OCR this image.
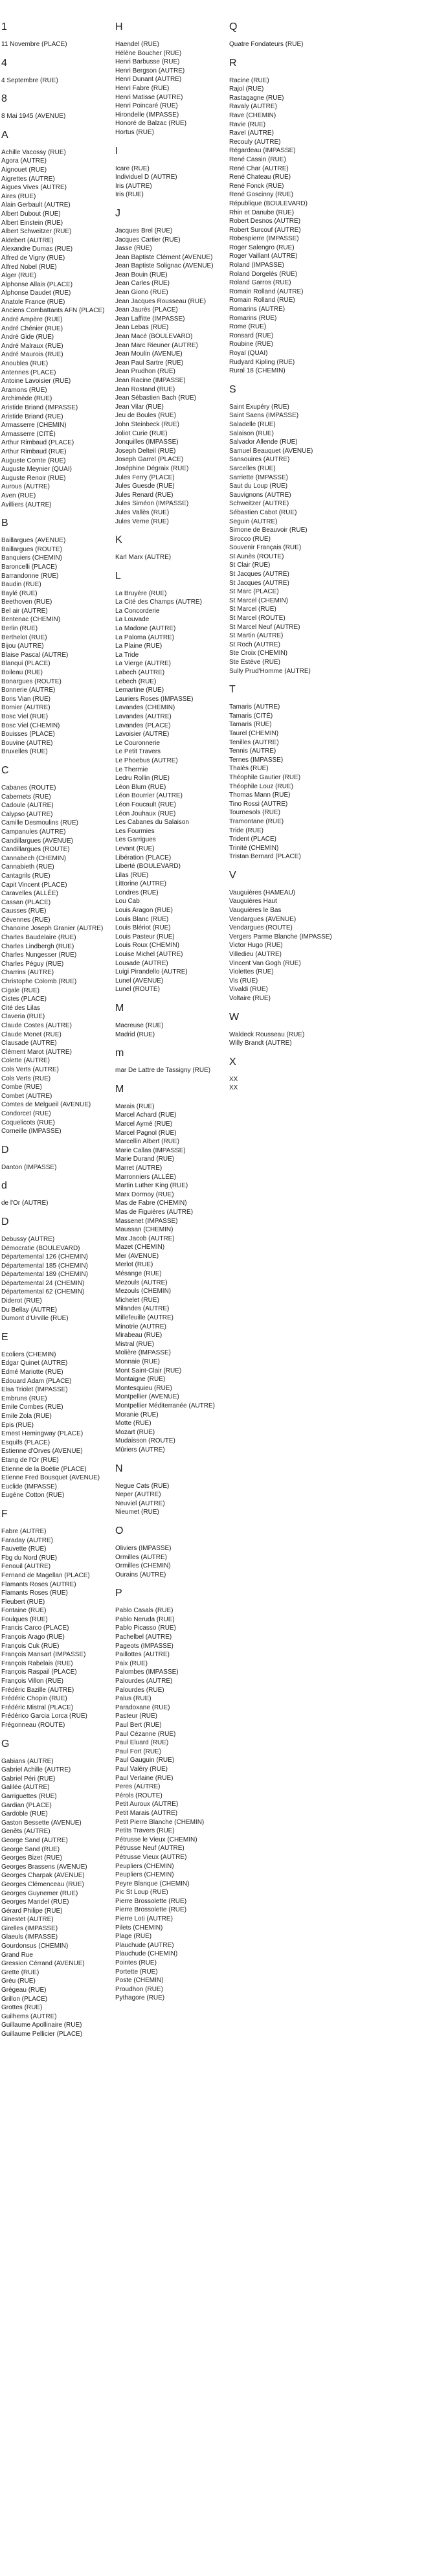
1
11 Novembre (PLACE)
4
4 Septembre (RUE)
8
8 Mai 1945 (AVENUE)
A
Achille Vacossy (RUE)
Agora (AUTRE)
Aignouet (RUE)
Aigrettes (AUTRE)
Aigues Vives (AUTRE)
Aires (RUE)
Alain Gerbault (AUTRE)
Albert Dubout (RUE)
Albert Einstein (RUE)
Albert Schweitzer (RUE)
Aldebert (AUTRE)
Alexandre Dumas (RUE)
Alfred de Vigny (RUE)
Alfred Nobel (RUE)
Alger (RUE)
Alphonse Allais (PLACE)
Alphonse Daudet (RUE)
Anatole France (RUE)
Anciens Combattants AFN (PLACE)
André Ampère (RUE)
André Chénier (RUE)
André Gide (RUE)
André Malraux (RUE)
André Maurois (RUE)
Anoubles (RUE)
Antennes (PLACE)
Antoine Lavoisier (RUE)
Aramons (RUE)
Archimède (RUE)
Aristide Briand (IMPASSE)
Aristide Briand (RUE)
Armasserre (CHEMIN)
Armasserre (CITÉ)
Arthur Rimbaud (PLACE)
Arthur Rimbaud (RUE)
Auguste Comte (RUE)
Auguste Meynier (QUAI)
Auguste Renoir (RUE)
Aurous (AUTRE)
Aven (RUE)
Avilliers (AUTRE)
B
Baillargues (AVENUE)
Baillargues (ROUTE)
Banquiers (CHEMIN)
Baroncelli (PLACE)
Barrandonne (RUE)
Baudin (RUE)
Baylé (RUE)
Beethoven (RUE)
Bel air (AUTRE)
Bentenac (CHEMIN)
Berlin (RUE)
Berthelot (RUE)
Bijou (AUTRE)
Blaise Pascal (AUTRE)
Blanqui (PLACE)
Boileau (RUE)
Bonargues (ROUTE)
Bonnerie (AUTRE)
Boris Vian (RUE)
Bornier (AUTRE)
Bosc Viel (RUE)
Bosc Viel (CHEMIN)
Bouisses (PLACE)
Bouvine (AUTRE)
Bruxelles (RUE)
C
Cabanes (ROUTE)
Cabernets (RUE)
Cadoule (AUTRE)
Calypso (AUTRE)
Camille Desmoulins (RUE)
Campanules (AUTRE)
Candillargues (AVENUE)
Candillargues (ROUTE)
Cannabech (CHEMIN)
Cannabieth (RUE)
Cantagrils (RUE)
Capit Vincent (PLACE)
Caravelles (ALLÉE)
Cassan (PLACE)
Causses (RUE)
Cévennes (RUE)
Chanoine Joseph Granier (AUTRE)
Charles Baudelaire (RUE)
Charles Lindbergh (RUE)
Charles Nungesser (RUE)
Charles Péguy (RUE)
Charrins (AUTRE)
Christophe Colomb (RUE)
Cigale (RUE)
Cistes (PLACE)
Cité des Lilas
Claveria (RUE)
Claude Costes (AUTRE)
Claude Monet (RUE)
Clausade (AUTRE)
Clément Marot (AUTRE)
Colette (AUTRE)
Cols Verts (AUTRE)
Cols Verts (RUE)
Combe (RUE)
Combet (AUTRE)
Comtes de Melgueil (AVENUE)
Condorcet (RUE)
Coquelicots (RUE)
Corneille (IMPASSE)
D
Danton (IMPASSE)
d
de l'Or (AUTRE)
D
Debussy (AUTRE)
Démocratie (BOULEVARD)
Départemental 126 (CHEMIN)
Départemental 185 (CHEMIN)
Départemental 189 (CHEMIN)
Départemental 24 (CHEMIN)
Départemental 62 (CHEMIN)
Diderot (RUE)
Du Bellay (AUTRE)
Dumont d'Urville (RUE)
E
Ecoliers (CHEMIN)
Edgar Quinet (AUTRE)
Edmé Mariotte (RUE)
Edouard Adam (PLACE)
Elsa Triolet (IMPASSE)
Embruns (RUE)
Emile Combes (RUE)
Emile Zola (RUE)
Epis (RUE)
Ernest Hemingway (PLACE)
Esquifs (PLACE)
Estienne d'Orves (AVENUE)
Etang de l'Or (RUE)
Etienne de la Boétie (PLACE)
Etienne Fred Bousquet (AVENUE)
Euclide (IMPASSE)
Eugène Cotton (RUE)
F
Fabre (AUTRE)
Faraday (AUTRE)
Fauvette (RUE)
Fbg du Nord (RUE)
Fenouil (AUTRE)
Fernand de Magellan (PLACE)
Flamants Roses (AUTRE)
Flamants Roses (RUE)
Fleubert (RUE)
Fontaine (RUE)
Foulques (RUE)
Francis Carco (PLACE)
François Arago (RUE)
François Cuk (RUE)
François Mansart (IMPASSE)
François Rabelais (RUE)
François Raspail (PLACE)
François Villon (RUE)
Frédéric Bazille (AUTRE)
Frédéric Chopin (RUE)
Frédéric Mistral (PLACE)
Frédérico Garcia Lorca (RUE)
Frégonneau (ROUTE)
G
Gabians (AUTRE)
Gabriel Achille (AUTRE)
Gabriel Péri (RUE)
Galilée (AUTRE)
Garriguettes (RUE)
Gardian (PLACE)
Gardoble (RUE)
Gaston Bessette (AVENUE)
Genêts (AUTRE)
George Sand (AUTRE)
George Sand (RUE)
Georges Bizet (RUE)
Georges Brassens (AVENUE)
Georges Charpak (AVENUE)
Georges Clémenceau (RUE)
Georges Guynemer (RUE)
Georges Mandel (RUE)
Gérard Philipe (RUE)
Ginestet (AUTRE)
Girelles (IMPASSE)
Glaeuls (IMPASSE)
Gourdonsus (CHEMIN)
Grand Rue
Gression Cérrand (AVENUE)
Grette (RUE)
Grèu (RUE)
Grégeau (RUE)
Grillon (PLACE)
Grottes (RUE)
Guilhems (AUTRE)
Guillaume Apollinaire (RUE)
Guillaume Pellicier (PLACE)
H
Haendel (RUE)
Hélène Boucher (RUE)
Henri Barbusse (RUE)
Henri Bergson (AUTRE)
Henri Dunant (AUTRE)
Henri Fabre (RUE)
Henri Matisse (AUTRE)
Henri Poincaré (RUE)
Hirondelle (IMPASSE)
Honoré de Balzac (RUE)
Hortus (RUE)
I
Icare (RUE)
Individuel D (AUTRE)
Iris (AUTRE)
Iris (RUE)
J
Jacques Brel (RUE)
Jacques Cartier (RUE)
Jasse (RUE)
Jean Baptiste Clément (AVENUE)
Jean Baptiste Solignac (AVENUE)
Jean Bouin (RUE)
Jean Carles (RUE)
Jean Giono (RUE)
Jean Jacques Rousseau (RUE)
Jean Jaurès (PLACE)
Jean Laffitte (IMPASSE)
Jean Lebas (RUE)
Jean Macé (BOULEVARD)
Jean Marc Rieuner (AUTRE)
Jean Moulin (AVENUE)
Jean Paul Sartre (RUE)
Jean Prudhon (RUE)
Jean Racine (IMPASSE)
Jean Rostand (RUE)
Jean Sébastien Bach (RUE)
Jean Vilar (RUE)
Jeu de Boules (RUE)
John Steinbeck (RUE)
Joliot Curie (RUE)
Jonquilles (IMPASSE)
Joseph Delteil (RUE)
Joseph Garrel (PLACE)
Joséphine Dégraix (RUE)
Jules Ferry (PLACE)
Jules Guesde (RUE)
Jules Renard (RUE)
Jules Siméon (IMPASSE)
Jules Vallès (RUE)
Jules Verne (RUE)
K
Karl Marx (AUTRE)
L
La Bruyère (RUE)
La Cité des Champs (AUTRE)
La Concorderie
La Louvade
La Madone (AUTRE)
La Paloma (AUTRE)
La Plaine (RUE)
La Tride
La Vierge (AUTRE)
Labech (AUTRE)
Lebech (RUE)
Lemartine (RUE)
Lauriers Roses (IMPASSE)
Lavandes (CHEMIN)
Lavandes (AUTRE)
Lavandes (PLACE)
Lavoisier (AUTRE)
Le Couronnerie
Le Petit Travers
Le Phoebus (AUTRE)
Le Thermie
Ledru Rollin (RUE)
Léon Blum (RUE)
Léon Bourrier (AUTRE)
Léon Foucault (RUE)
Léon Jouhaux (RUE)
Les Cabanes du Salaison
Les Fourmies
Les Garrigues
Levant (RUE)
Libération (PLACE)
Liberté (BOULEVARD)
Lilas (RUE)
Littorine (AUTRE)
Londres (RUE)
Lou Cab
Louis Aragon (RUE)
Louis Blanc (RUE)
Louis Blériot (RUE)
Louis Pasteur (RUE)
Louis Roux (CHEMIN)
Louise Michel (AUTRE)
Lousade (AUTRE)
Luigi Pirandello (AUTRE)
Lunel (AVENUE)
Lunel (ROUTE)
M
Macreuse (RUE)
Madrid (RUE)
m
mar De Lattre de Tassigny (RUE)
M
Marais (RUE)
Marcel Achard (RUE)
Marcel Aymé (RUE)
Marcel Pagnol (RUE)
Marcellin Albert (RUE)
Marie Callas (IMPASSE)
Marie Durand (RUE)
Marret (AUTRE)
Marronniers (ALLÉE)
Martin Luther King (RUE)
Marx Dormoy (RUE)
Mas de Fabre (CHEMIN)
Mas de Figuières (AUTRE)
Massenet (IMPASSE)
Maussan (CHEMIN)
Max Jacob (AUTRE)
Mazet (CHEMIN)
Mer (AVENUE)
Merlot (RUE)
Mésange (RUE)
Mezouls (AUTRE)
Mezouls (CHEMIN)
Michelet (RUE)
Milandes (AUTRE)
Millefeuille (AUTRE)
Minotrie (AUTRE)
Mirabeau (RUE)
Mistral (RUE)
Molière (IMPASSE)
Monnaie (RUE)
Mont Saint-Clair (RUE)
Montaigne (RUE)
Montesquieu (RUE)
Montpellier (AVENUE)
Montpellier Méditerranée (AUTRE)
Moranie (RUE)
Motte (RUE)
Mozart (RUE)
Mudaisson (ROUTE)
Mûriers (AUTRE)
N
Negue Cats (RUE)
Neper (AUTRE)
Neuviel (AUTRE)
Nieumet (RUE)
O
Oliviers (IMPASSE)
Ormilles (AUTRE)
Ormilles (CHEMIN)
Ourains (AUTRE)
P
Pablo Casals (RUE)
Pablo Neruda (RUE)
Pablo Picasso (RUE)
Pachelbel (AUTRE)
Pageots (IMPASSE)
Paillottes (AUTRE)
Paix (RUE)
Palombes (IMPASSE)
Palourdes (AUTRE)
Palourdes (RUE)
Palus (RUE)
Paradoxane (RUE)
Pasteur (RUE)
Paul Bert (RUE)
Paul Cézanne (RUE)
Paul Eluard (RUE)
Paul Fort (RUE)
Paul Gauguin (RUE)
Paul Valéry (RUE)
Paul Verlaine (RUE)
Peres (AUTRE)
Pérols (ROUTE)
Petit Auroux (AUTRE)
Petit Marais (AUTRE)
Petit Pierre Blanche (CHEMIN)
Petits Travers (RUE)
Pétrusse le Vieux (CHEMIN)
Pétrusse Neuf (AUTRE)
Pétrusse Vieux (AUTRE)
Peupliers (CHEMIN)
Peupliers (CHEMIN)
Peyre Blanque (CHEMIN)
Pic St Loup (RUE)
Pierre Brossolette (RUE)
Pierre Brossolette (RUE)
Pierre Loti (AUTRE)
Pilets (CHEMIN)
Plage (RUE)
Plauchude (AUTRE)
Plauchude (CHEMIN)
Pointes (RUE)
Portette (RUE)
Poste (CHEMIN)
Proudhon (RUE)
Pythagore (RUE)
Q
Quatre Fondateurs (RUE)
R
Racine (RUE)
Rajol (RUE)
Rastagagne (RUE)
Ravaly (AUTRE)
Rave (CHEMIN)
Ravie (RUE)
Ravel (AUTRE)
Recouly (AUTRE)
Régardeau (IMPASSE)
René Cassin (RUE)
René Char (AUTRE)
René Chateau (RUE)
René Fonck (RUE)
René Goscinny (RUE)
République (BOULEVARD)
Rhin et Danube (RUE)
Robert Desnos (AUTRE)
Robert Surcouf (AUTRE)
Robespierre (IMPASSE)
Roger Salengro (RUE)
Roger Vaillant (AUTRE)
Roland (IMPASSE)
Roland Dorgelès (RUE)
Roland Garros (RUE)
Romain Rolland (AUTRE)
Romain Rolland (RUE)
Romarins (AUTRE)
Romarins (RUE)
Rome (RUE)
Ronsard (RUE)
Roubine (RUE)
Royal (QUAI)
Rudyard Kipling (RUE)
Rural 18 (CHEMIN)
S
Saint Exupéry (RUE)
Saint Saens (IMPASSE)
Saladelle (RUE)
Salaison (RUE)
Salvador Allende (RUE)
Samuel Beauquet (AVENUE)
Sansouires (AUTRE)
Sarcelles (RUE)
Sarriette (IMPASSE)
Saut du Loup (RUE)
Sauvignons (AUTRE)
Schweitzer (AUTRE)
Sébastien Cabot (RUE)
Seguin (AUTRE)
Simone de Beauvoir (RUE)
Sirocco (RUE)
Souvenir Français (RUE)
St Aunès (ROUTE)
St Clair (RUE)
St Jacques (AUTRE)
St Jacques (AUTRE)
St Marc (PLACE)
St Marcel (CHEMIN)
St Marcel (RUE)
St Marcel (ROUTE)
St Marcel Neuf (AUTRE)
St Martin (AUTRE)
St Roch (AUTRE)
Ste Croix (CHEMIN)
Ste Estève (RUE)
Sully Prud'Homme (AUTRE)
T
Tamaris (AUTRE)
Tamaris (CITÉ)
Tamaris (RUE)
Taurel (CHEMIN)
Tenilles (AUTRE)
Tennis (AUTRE)
Ternes (IMPASSE)
Thalès (RUE)
Théophile Gautier (RUE)
Théophile Louz (RUE)
Thomas Mann (RUE)
Tino Rossi (AUTRE)
Tournesols (RUE)
Tramontane (RUE)
Tride (RUE)
Trident (PLACE)
Trinité (CHEMIN)
Tristan Bernard (PLACE)
V
Vauguières (HAMEAU)
Vauguières Haut
Vauguières le Bas
Vendargues (AVENUE)
Vendargues (ROUTE)
Vergers Parme Blanche (IMPASSE)
Victor Hugo (RUE)
Villedieu (AUTRE)
Vincent Van Gogh (RUE)
Violettes (RUE)
Vis (RUE)
Vivaldi (RUE)
Voltaire (RUE)
W
Waldeck Rousseau (RUE)
Willy Brandt (AUTRE)
X
XX
XX
